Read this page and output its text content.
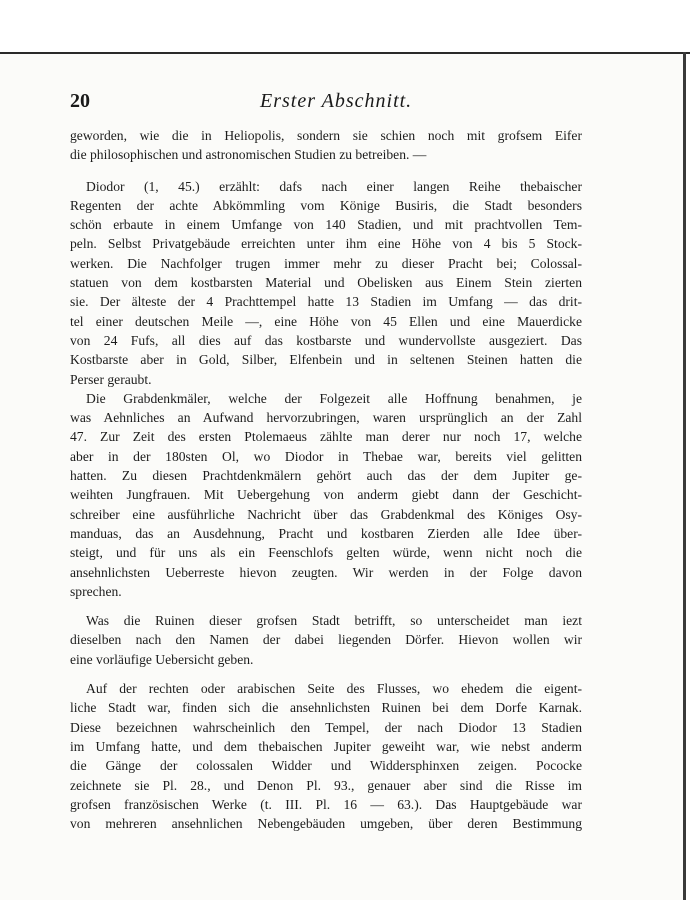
20	Erster Abschnitt.
geworden, wie die in Heliopolis, sondern sie schien noch mit grofsem Eifer
die philosophischen und astronomischen Studien zu betreiben. —
Diodor (1, 45.) erzählt: dafs nach einer langen Reihe thebaischer
Regenten der achte Abkömmling vom Könige Busiris, die Stadt besonders
schön erbaute in einem Umfange von 140 Stadien, und mit prachtvollen Tem-
peln. Selbst Privatgebäude erreichten unter ihm eine Höhe von 4 bis 5 Stock-
werken. Die Nachfolger trugen immer mehr zu dieser Pracht bei; Colossal-
statuen von dem kostbarsten Material und Obelisken aus Einem Stein zierten
sie. Der älteste der 4 Prachttempel hatte 13 Stadien im Umfang — das drit-
tel einer deutschen Meile —, eine Höhe von 45 Ellen und eine Mauerdicke
von 24 Fufs, all dies auf das kostbarste und wundervollste ausgeziert. Das
Kostbarste aber in Gold, Silber, Elfenbein und in seltenen Steinen hatten die
Perser geraubt.
Die Grabdenkmäler, welche der Folgezeit alle Hoffnung benahmen, je
was Aehnliches an Aufwand hervorzubringen, waren ursprünglich an der Zahl
47. Zur Zeit des ersten Ptolemaeus zählte man derer nur noch 17, welche
aber in der 180sten Ol, wo Diodor in Thebae war, bereits viel gelitten
hatten. Zu diesen Prachtdenkmälern gehört auch das der dem Jupiter ge-
weihten Jungfrauen. Mit Uebergehung von anderm giebt dann der Geschicht-
schreiber eine ausführliche Nachricht über das Grabdenkmal des Königes Osy-
manduas, das an Ausdehnung, Pracht und kostbaren Zierden alle Idee über-
steigt, und für uns als ein Feenschlofs gelten würde, wenn nicht noch die
ansehnlichsten Ueberreste hievon zeugten. Wir werden in der Folge davon
sprechen.
Was die Ruinen dieser grofsen Stadt betrifft, so unterscheidet man iezt
dieselben nach den Namen der dabei liegenden Dörfer. Hievon wollen wir
eine vorläufige Uebersicht geben.
Auf der rechten oder arabischen Seite des Flusses, wo ehedem die eigent-
liche Stadt war, finden sich die ansehnlichsten Ruinen bei dem Dorfe Karnak.
Diese bezeichnen wahrscheinlich den Tempel, der nach Diodor 13 Stadien
im Umfang hatte, und dem thebaischen Jupiter geweiht war, wie nebst anderm
die Gänge der colossalen Widder und Widdersphinxen zeigen. Pococke
zeichnete sie Pl. 28., und Denon Pl. 93., genauer aber sind die Risse im
grofsen französischen Werke (t. III. Pl. 16 — 63.). Das Hauptgebäude war
von mehreren ansehnlichen Nebengebäuden umgeben, über deren Bestimmung
